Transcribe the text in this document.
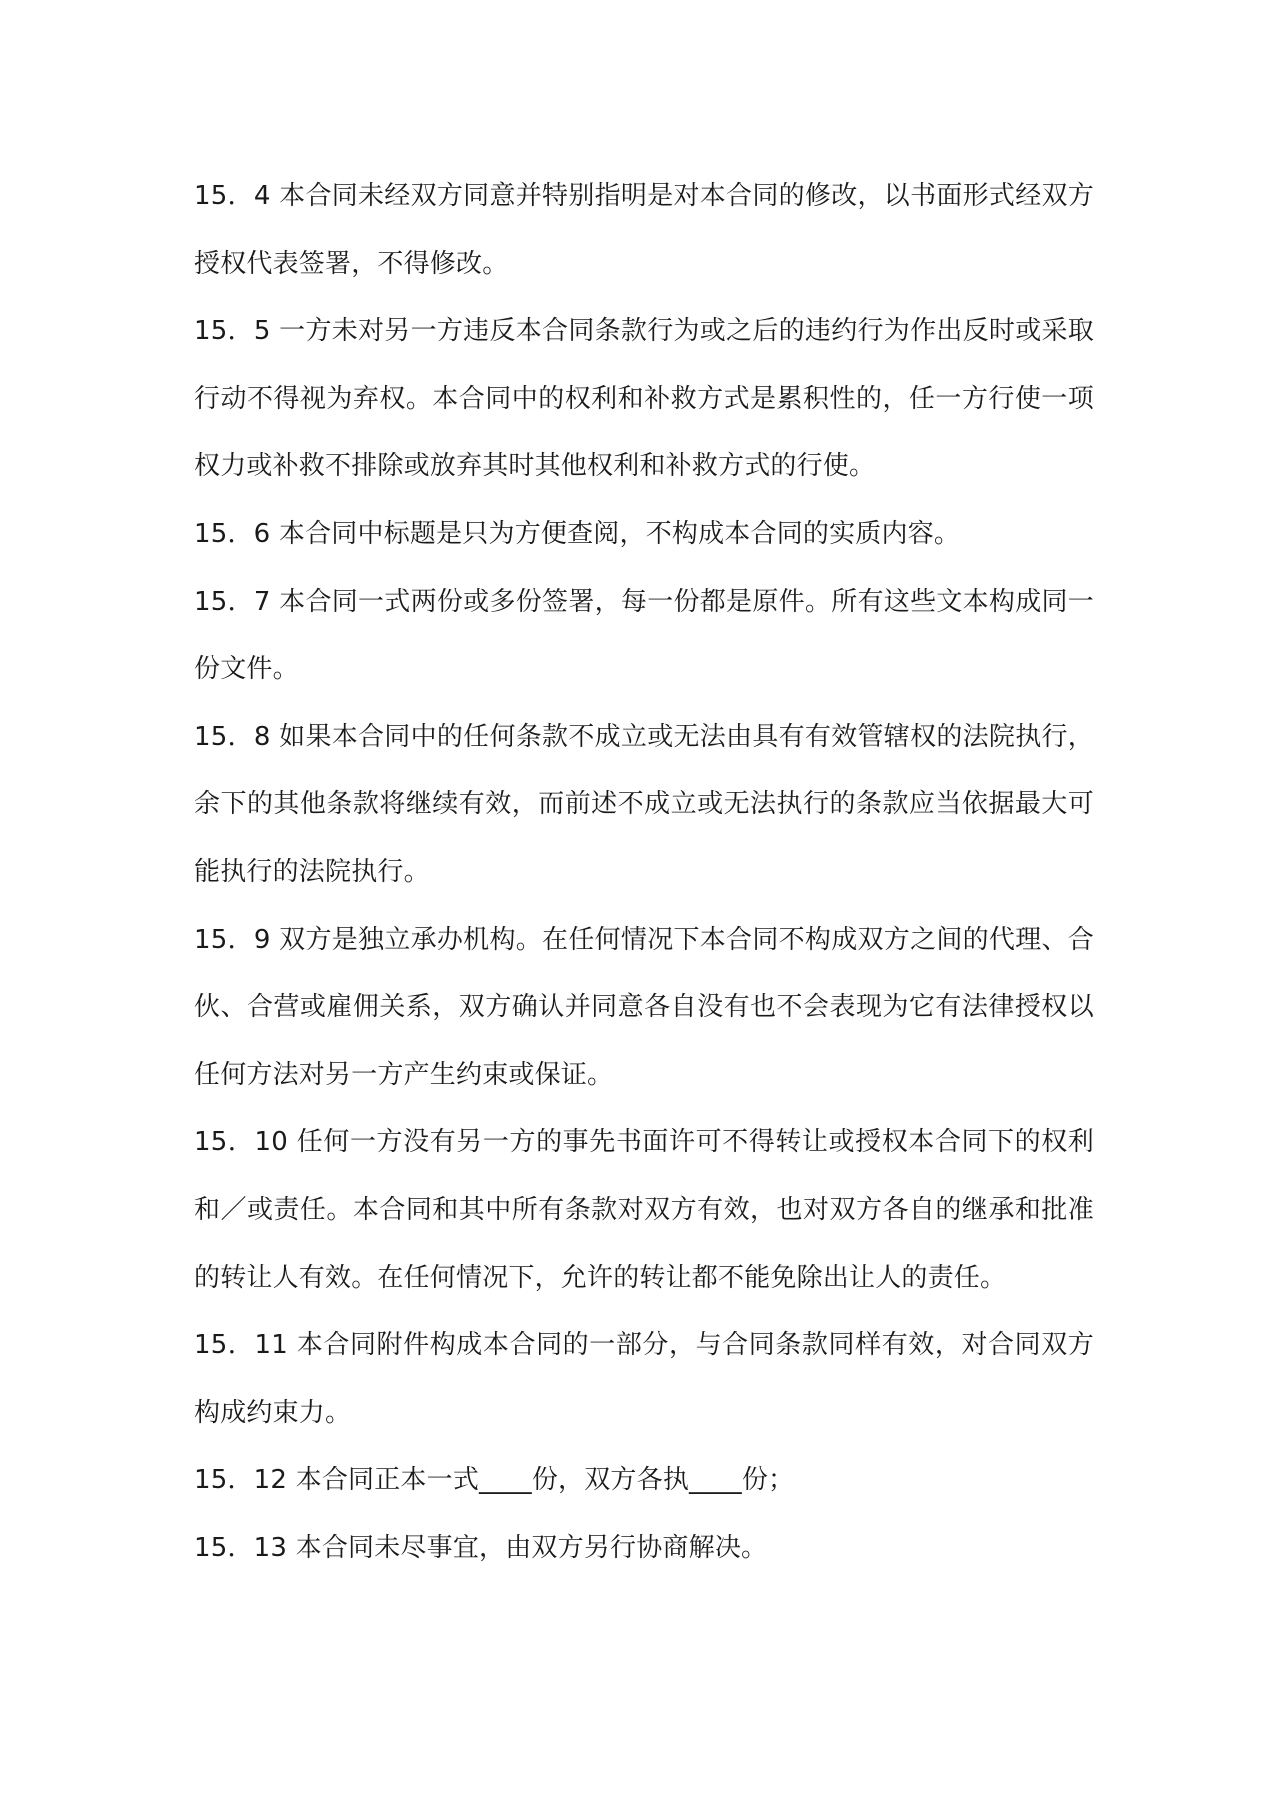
15．4 本合同未经双方同意并特别指明是对本合同的修改，以书面形式经双方授权代表签署，不得修改。

15．5 一方未对另一方违反本合同条款行为或之后的违约行为作出反时或采取行动不得视为弃权。本合同中的权利和补救方式是累积性的，任一方行使一项权力或补救不排除或放弃其时其他权利和补救方式的行使。

15．6 本合同中标题是只为方便查阅，不构成本合同的实质内容。

15．7 本合同一式两份或多份签署，每一份都是原件。所有这些文本构成同一份文件。

15．8 如果本合同中的任何条款不成立或无法由具有有效管辖权的法院执行，余下的其他条款将继续有效，而前述不成立或无法执行的条款应当依据最大可能执行的法院执行。

15．9 双方是独立承办机构。在任何情况下本合同不构成双方之间的代理、合伙、合营或雇佣关系，双方确认并同意各自没有也不会表现为它有法律授权以任何方法对另一方产生约束或保证。

15．10 任何一方没有另一方的事先书面许可不得转让或授权本合同下的权利和／或责任。本合同和其中所有条款对双方有效，也对双方各自的继承和批准的转让人有效。在任何情况下，允许的转让都不能免除出让人的责任。

15．11 本合同附件构成本合同的一部分，与合同条款同样有效，对合同双方构成约束力。

15．12 本合同正本一式____份，双方各执____份；

15．13 本合同未尽事宜，由双方另行协商解决。
